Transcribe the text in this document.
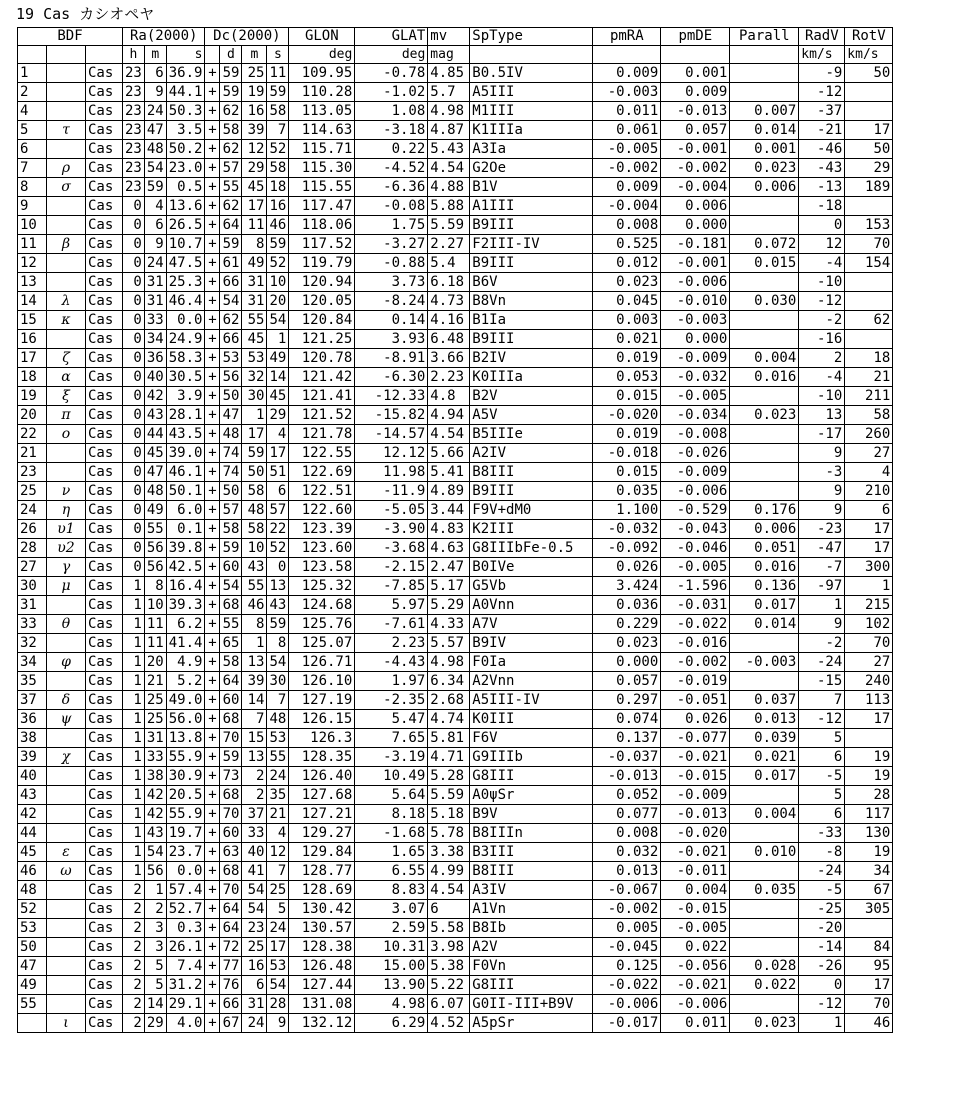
19 Cas カシオペヤ
BDF			Ra(2000)			Dc(2000)				GLON	GLAT	mv	SpType	pmRA	pmDE	Parall	RadV	RotV
			h	m	s		d	m	s	deg	deg	mag					km/s	km/s
1		Cas	23	6	36.9	+	59	25	11	109.95	-0.78	4.85	B0.5IV	0.009	0.001		-9	50
2		Cas	23	9	44.1	+	59	19	59	110.28	-1.02	5.7	A5III	-0.003	0.009		-12	
4		Cas	23	24	50.3	+	62	16	58	113.05	1.08	4.98	M1III	0.011	-0.013	0.007	-37	
5	τ	Cas	23	47	3.5	+	58	39	7	114.63	-3.18	4.87	K1IIIa	0.061	0.057	0.014	-21	17
6		Cas	23	48	50.2	+	62	12	52	115.71	0.22	5.43	A3Ia	-0.005	-0.001	0.001	-46	50
7	ρ	Cas	23	54	23.0	+	57	29	58	115.30	-4.52	4.54	G2Oe	-0.002	-0.002	0.023	-43	29
8	σ	Cas	23	59	0.5	+	55	45	18	115.55	-6.36	4.88	B1V	0.009	-0.004	0.006	-13	189
9		Cas	0	4	13.6	+	62	17	16	117.47	-0.08	5.88	A1III	-0.004	0.006		-18	
10		Cas	0	6	26.5	+	64	11	46	118.06	1.75	5.59	B9III	0.008	0.000		0	153
11	β	Cas	0	9	10.7	+	59	8	59	117.52	-3.27	2.27	F2III-IV	0.525	-0.181	0.072	12	70
12		Cas	0	24	47.5	+	61	49	52	119.79	-0.88	5.4	B9III	0.012	-0.001	0.015	-4	154
13		Cas	0	31	25.3	+	66	31	10	120.94	3.73	6.18	B6V	0.023	-0.006		-10	
14	λ	Cas	0	31	46.4	+	54	31	20	120.05	-8.24	4.73	B8Vn	0.045	-0.010	0.030	-12	
15	κ	Cas	0	33	0.0	+	62	55	54	120.84	0.14	4.16	B1Ia	0.003	-0.003		-2	62
16		Cas	0	34	24.9	+	66	45	1	121.25	3.93	6.48	B9III	0.021	0.000		-16	
17	ζ	Cas	0	36	58.3	+	53	53	49	120.78	-8.91	3.66	B2IV	0.019	-0.009	0.004	2	18
18	α	Cas	0	40	30.5	+	56	32	14	121.42	-6.30	2.23	K0IIIa	0.053	-0.032	0.016	-4	21
19	ξ	Cas	0	42	3.9	+	50	30	45	121.41	-12.33	4.8	B2V	0.015	-0.005		-10	211
20	π	Cas	0	43	28.1	+	47	1	29	121.52	-15.82	4.94	A5V	-0.020	-0.034	0.023	13	58
22	ο	Cas	0	44	43.5	+	48	17	4	121.78	-14.57	4.54	B5IIIe	0.019	-0.008		-17	260
21		Cas	0	45	39.0	+	74	59	17	122.55	12.12	5.66	A2IV	-0.018	-0.026		9	27
23		Cas	0	47	46.1	+	74	50	51	122.69	11.98	5.41	B8III	0.015	-0.009		-3	4
25	ν	Cas	0	48	50.1	+	50	58	6	122.51	-11.9	4.89	B9III	0.035	-0.006		9	210
24	η	Cas	0	49	6.0	+	57	48	57	122.60	-5.05	3.44	F9V+dM0	1.100	-0.529	0.176	9	6
26	υ1	Cas	0	55	0.1	+	58	58	22	123.39	-3.90	4.83	K2III	-0.032	-0.043	0.006	-23	17
28	υ2	Cas	0	56	39.8	+	59	10	52	123.60	-3.68	4.63	G8IIIbFe-0.5	-0.092	-0.046	0.051	-47	17
27	γ	Cas	0	56	42.5	+	60	43	0	123.58	-2.15	2.47	B0IVe	0.026	-0.005	0.016	-7	300
30	μ	Cas	1	8	16.4	+	54	55	13	125.32	-7.85	5.17	G5Vb	3.424	-1.596	0.136	-97	1
31		Cas	1	10	39.3	+	68	46	43	124.68	5.97	5.29	A0Vnn	0.036	-0.031	0.017	1	215
33	θ	Cas	1	11	6.2	+	55	8	59	125.76	-7.61	4.33	A7V	0.229	-0.022	0.014	9	102
32		Cas	1	11	41.4	+	65	1	8	125.07	2.23	5.57	B9IV	0.023	-0.016		-2	70
34	φ	Cas	1	20	4.9	+	58	13	54	126.71	-4.43	4.98	F0Ia	0.000	-0.002	-0.003	-24	27
35		Cas	1	21	5.2	+	64	39	30	126.10	1.97	6.34	A2Vnn	0.057	-0.019		-15	240
37	δ	Cas	1	25	49.0	+	60	14	7	127.19	-2.35	2.68	A5III-IV	0.297	-0.051	0.037	7	113
36	ψ	Cas	1	25	56.0	+	68	7	48	126.15	5.47	4.74	K0III	0.074	0.026	0.013	-12	17
38		Cas	1	31	13.8	+	70	15	53	126.3	7.65	5.81	F6V	0.137	-0.077	0.039	5	
39	χ	Cas	1	33	55.9	+	59	13	55	128.35	-3.19	4.71	G9IIIb	-0.037	-0.021	0.021	6	19
40		Cas	1	38	30.9	+	73	2	24	126.40	10.49	5.28	G8III	-0.013	-0.015	0.017	-5	19
43		Cas	1	42	20.5	+	68	2	35	127.68	5.64	5.59	A0ψSr	0.052	-0.009		5	28
42		Cas	1	42	55.9	+	70	37	21	127.21	8.18	5.18	B9V	0.077	-0.013	0.004	6	117
44		Cas	1	43	19.7	+	60	33	4	129.27	-1.68	5.78	B8IIIn	0.008	-0.020		-33	130
45	ε	Cas	1	54	23.7	+	63	40	12	129.84	1.65	3.38	B3III	0.032	-0.021	0.010	-8	19
46	ω	Cas	1	56	0.0	+	68	41	7	128.77	6.55	4.99	B8III	0.013	-0.011		-24	34
48		Cas	2	1	57.4	+	70	54	25	128.69	8.83	4.54	A3IV	-0.067	0.004	0.035	-5	67
52		Cas	2	2	52.7	+	64	54	5	130.42	3.07	6	A1Vn	-0.002	-0.015		-25	305
53		Cas	2	3	0.3	+	64	23	24	130.57	2.59	5.58	B8Ib	0.005	-0.005		-20	
50		Cas	2	3	26.1	+	72	25	17	128.38	10.31	3.98	A2V	-0.045	0.022		-14	84
47		Cas	2	5	7.4	+	77	16	53	126.48	15.00	5.38	F0Vn	0.125	-0.056	0.028	-26	95
49		Cas	2	5	31.2	+	76	6	54	127.44	13.90	5.22	G8III	-0.022	-0.021	0.022	0	17
55		Cas	2	14	29.1	+	66	31	28	131.08	4.98	6.07	G0II-III+B9V	-0.006	-0.006		-12	70
	ι	Cas	2	29	4.0	+	67	24	9	132.12	6.29	4.52	A5pSr	-0.017	0.011	0.023	1	46
